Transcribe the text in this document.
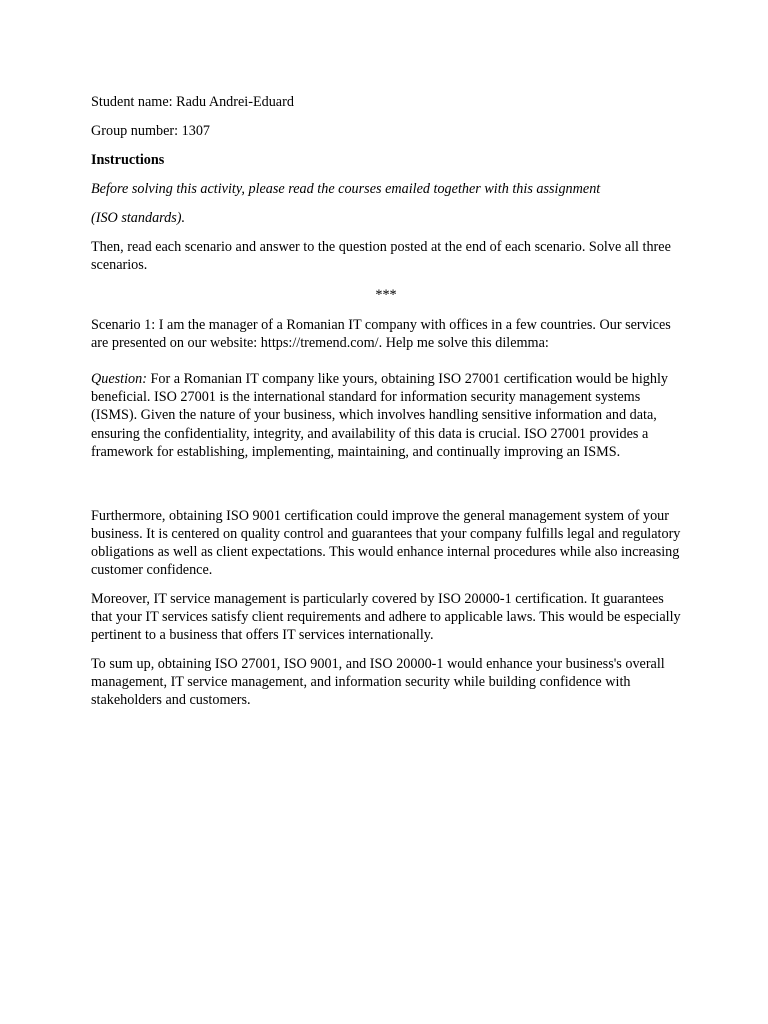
Student name: Radu Andrei-Eduard

Group number: 1307

Instructions

Before solving this activity, please read the courses emailed together with this assignment

(ISO standards).

Then, read each scenario and answer to the question posted at the end of each scenario. Solve all three scenarios.

***

Scenario 1: I am the manager of a Romanian IT company with offices in a few countries. Our services are presented on our website: https://tremend.com/. Help me solve this dilemma:

Question: For a Romanian IT company like yours, obtaining ISO 27001 certification would be highly beneficial. ISO 27001 is the international standard for information security management systems (ISMS). Given the nature of your business, which involves handling sensitive information and data, ensuring the confidentiality, integrity, and availability of this data is crucial. ISO 27001 provides a framework for establishing, implementing, maintaining, and continually improving an ISMS.

Furthermore, obtaining ISO 9001 certification could improve the general management system of your business. It is centered on quality control and guarantees that your company fulfills legal and regulatory obligations as well as client expectations. This would enhance internal procedures while also increasing customer confidence.

Moreover, IT service management is particularly covered by ISO 20000-1 certification. It guarantees that your IT services satisfy client requirements and adhere to applicable laws. This would be especially pertinent to a business that offers IT services internationally.

To sum up, obtaining ISO 27001, ISO 9001, and ISO 20000-1 would enhance your business's overall management, IT service management, and information security while building confidence with stakeholders and customers.
